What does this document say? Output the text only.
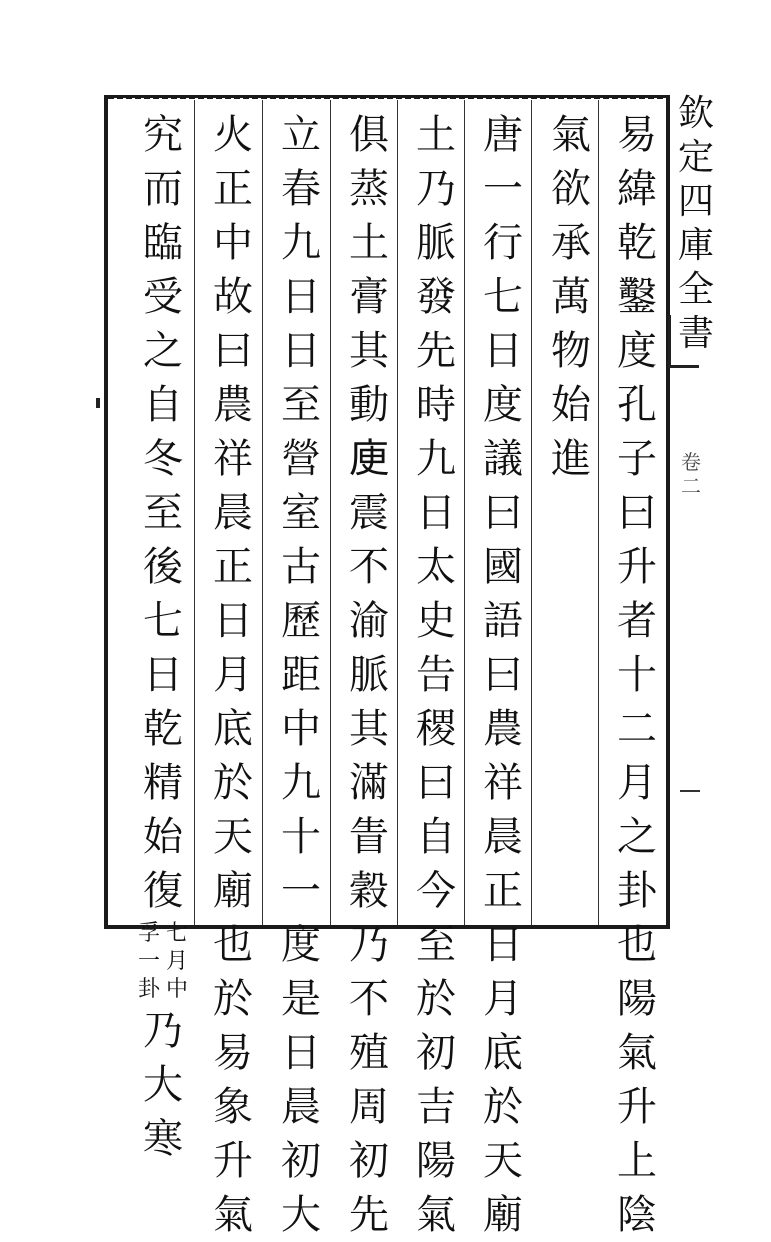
欽
定
四
庫
全
書
卷
二
易
緯
乾
鑿
度
孔
子
曰
升
者
十
二
月
之
卦
也
陽
氣
升
上
陰
氣
欲
承
萬
物
始
進
唐
一
行
七
日
度
議
曰
國
語
曰
農
祥
晨
正
日
月
底
於
天
廟
土
乃
脈
發
先
時
九
日
太
史
告
稷
曰
自
今
至
於
初
吉
陽
氣
俱
蒸
土
膏
其
動
𢈔
震
不
渝
脈
其
滿
眚
穀
乃
不
殖
周
初
先
立
春
九
日
日
至
營
室
古
歷
距
中
九
十
一
度
是
日
晨
初
大
火
正
中
故
曰
農
祥
晨
正
日
月
底
於
天
廟
也
於
易
象
升
氣
究
而
臨
受
之
自
冬
至
後
七
日
乾
精
始
復
七
月
中
孚
一
卦
乃
大
寒
